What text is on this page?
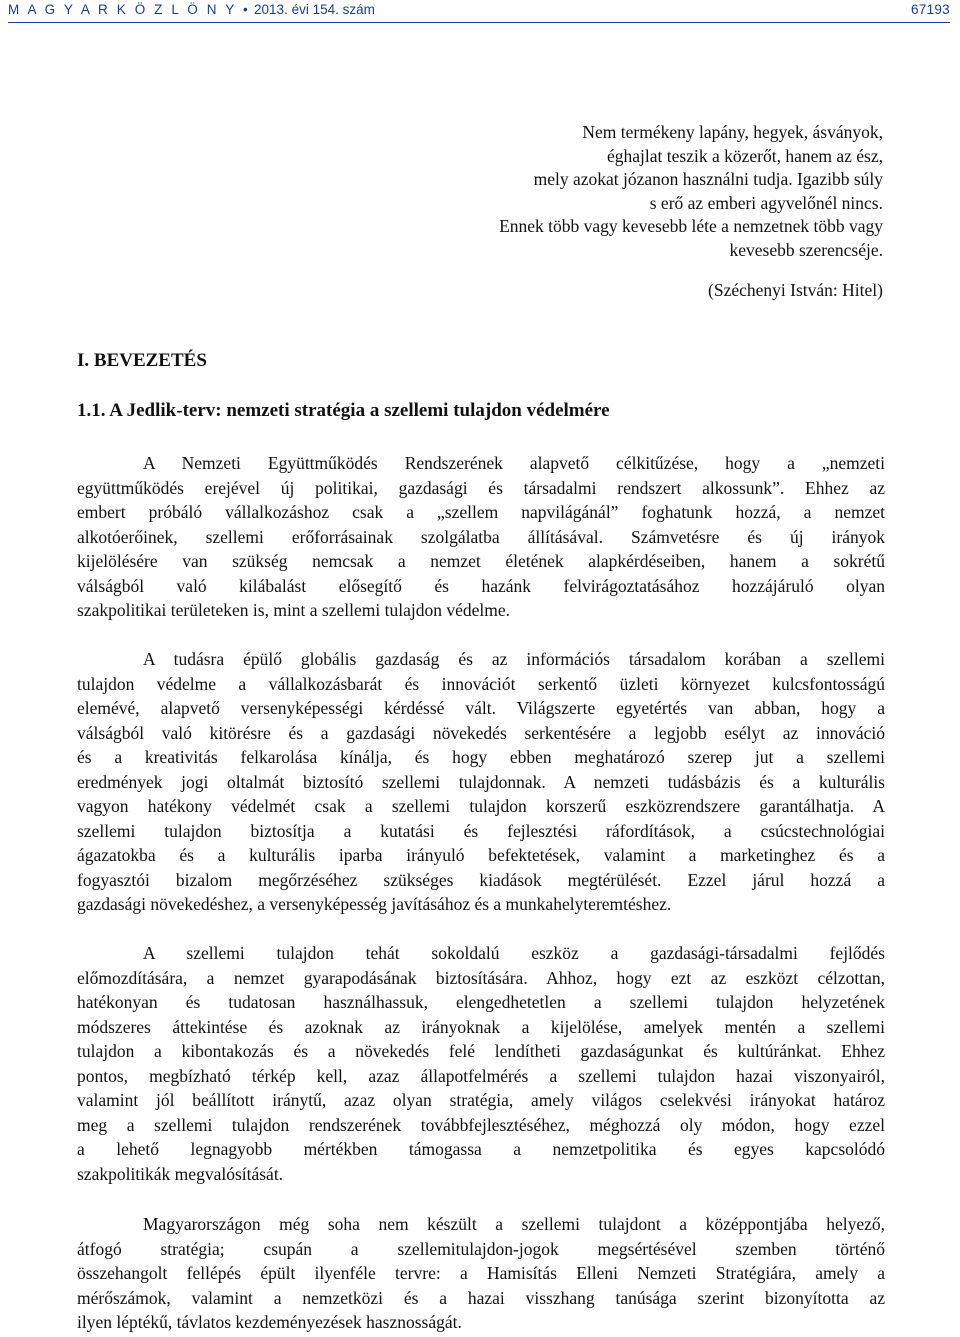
M A G Y A R K Ö Z L Ö N Y • 2013. évi 154. szám	67193
Nem termékeny lapány, hegyek, ásványok,
éghajlat teszik a közerőt, hanem az ész,
mely azokat józanon használni tudja. Igazibb súly
s erő az emberi agyvelőnél nincs.
Ennek több vagy kevesebb léte a nemzetnek több vagy
kevesebb szerencséje.
(Széchenyi István: Hitel)
I. BEVEZETÉS
1.1. A Jedlik-terv: nemzeti stratégia a szellemi tulajdon védelmére
A Nemzeti Együttműködés Rendszerének alapvető célkitűzése, hogy a „nemzeti
együttműködés erejével új politikai, gazdasági és társadalmi rendszert alkossunk”. Ehhez az
embert próbáló vállalkozáshoz csak a „szellem napvilágánál” foghatunk hozzá, a nemzet
alkotóerőinek, szellemi erőforrásainak szolgálatba állításával. Számvetésre és új irányok
kijelölésére van szükség nemcsak a nemzet életének alapkérdéseiben, hanem a sokrétű
válságból való kilábalást elősegítő és hazánk felvirágoztatásához hozzájáruló olyan
szakpolitikai területeken is, mint a szellemi tulajdon védelme.
A tudásra épülő globális gazdaság és az információs társadalom korában a szellemi
tulajdon védelme a vállalkozásbarát és innovációt serkentő üzleti környezet kulcsfontosságú
elemévé, alapvető versenyképességi kérdéssé vált. Világszerte egyetértés van abban, hogy a
válságból való kitörésre és a gazdasági növekedés serkentésére a legjobb esélyt az innováció
és a kreativitás felkarolása kínálja, és hogy ebben meghatározó szerep jut a szellemi
eredmények jogi oltalmát biztosító szellemi tulajdonnak. A nemzeti tudásbázis és a kulturális
vagyon hatékony védelmét csak a szellemi tulajdon korszerű eszközrendszere garantálhatja. A
szellemi tulajdon biztosítja a kutatási és fejlesztési ráfordítások, a csúcstechnológiai
ágazatokba és a kulturális iparba irányuló befektetések, valamint a marketinghez és a
fogyasztói bizalom megőrzéséhez szükséges kiadások megtérülését. Ezzel járul hozzá a
gazdasági növekedéshez, a versenyképesség javításához és a munkahelyteremtéshez.
A szellemi tulajdon tehát sokoldalú eszköz a gazdasági-társadalmi fejlődés
előmozdítására, a nemzet gyarapodásának biztosítására. Ahhoz, hogy ezt az eszközt célzottan,
hatékonyan és tudatosan használhassuk, elengedhetetlen a szellemi tulajdon helyzetének
módszeres áttekintése és azoknak az irányoknak a kijelölése, amelyek mentén a szellemi
tulajdon a kibontakozás és a növekedés felé lendítheti gazdaságunkat és kultúránkat. Ehhez
pontos, megbízható térkép kell, azaz állapotfelmérés a szellemi tulajdon hazai viszonyairól,
valamint jól beállított iránytű, azaz olyan stratégia, amely világos cselekvési irányokat határoz
meg a szellemi tulajdon rendszerének továbbfejlesztéséhez, méghozzá oly módon, hogy ezzel
a lehető legnagyobb mértékben támogassa a nemzetpolitika és egyes kapcsolódó
szakpolitikák megvalósítását.
Magyarországon még soha nem készült a szellemi tulajdont a középpontjába helyező,
átfogó stratégia; csupán a szellemitulajdon-jogok megsértésével szemben történő
összehangolt fellépés épült ilyenféle tervre: a Hamisítás Elleni Nemzeti Stratégiára, amely a
mérőszámok, valamint a nemzetközi és a hazai visszhang tanúsága szerint bizonyította az
ilyen léptékű, távlatos kezdeményezések hasznosságát.
